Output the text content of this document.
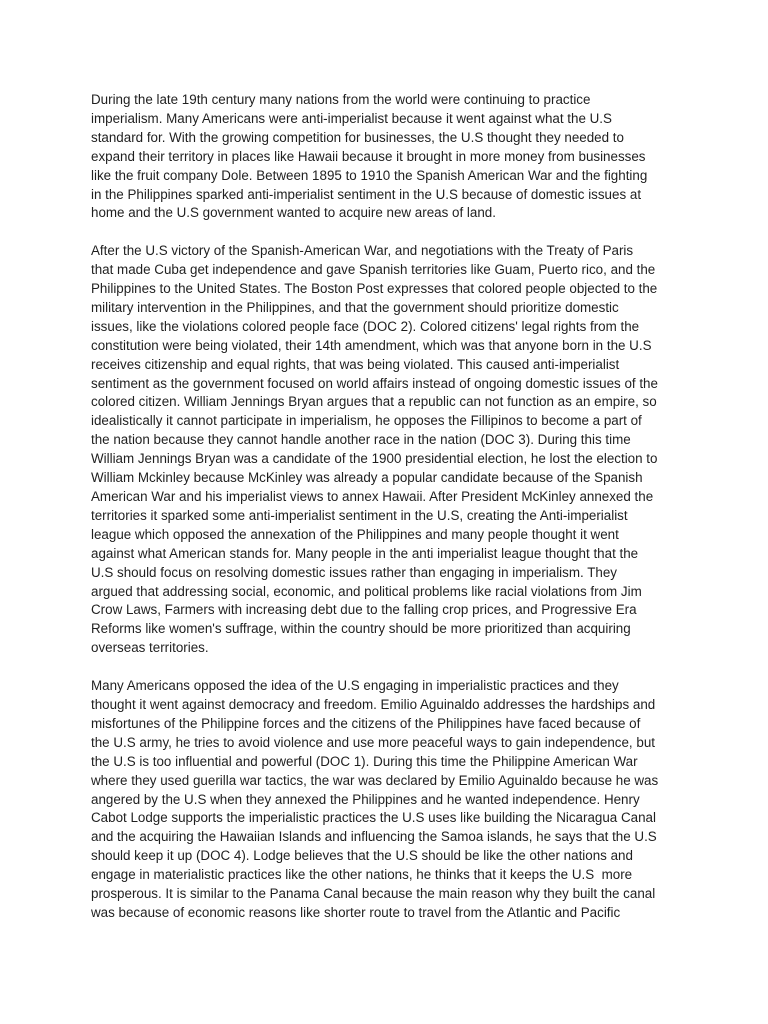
During the late 19th century many nations from the world were continuing to practice
imperialism. Many Americans were anti-imperialist because it went against what the U.S
standard for. With the growing competition for businesses, the U.S thought they needed to
expand their territory in places like Hawaii because it brought in more money from businesses
like the fruit company Dole. Between 1895 to 1910 the Spanish American War and the fighting
in the Philippines sparked anti-imperialist sentiment in the U.S because of domestic issues at
home and the U.S government wanted to acquire new areas of land.
After the U.S victory of the Spanish-American War, and negotiations with the Treaty of Paris
that made Cuba get independence and gave Spanish territories like Guam, Puerto rico, and the
Philippines to the United States. The Boston Post expresses that colored people objected to the
military intervention in the Philippines, and that the government should prioritize domestic
issues, like the violations colored people face (DOC 2). Colored citizens' legal rights from the
constitution were being violated, their 14th amendment, which was that anyone born in the U.S
receives citizenship and equal rights, that was being violated. This caused anti-imperialist
sentiment as the government focused on world affairs instead of ongoing domestic issues of the
colored citizen. William Jennings Bryan argues that a republic can not function as an empire, so
idealistically it cannot participate in imperialism, he opposes the Fillipinos to become a part of
the nation because they cannot handle another race in the nation (DOC 3). During this time
William Jennings Bryan was a candidate of the 1900 presidential election, he lost the election to
William Mckinley because McKinley was already a popular candidate because of the Spanish
American War and his imperialist views to annex Hawaii. After President McKinley annexed the
territories it sparked some anti-imperialist sentiment in the U.S, creating the Anti-imperialist
league which opposed the annexation of the Philippines and many people thought it went
against what American stands for. Many people in the anti imperialist league thought that the
U.S should focus on resolving domestic issues rather than engaging in imperialism. They
argued that addressing social, economic, and political problems like racial violations from Jim
Crow Laws, Farmers with increasing debt due to the falling crop prices, and Progressive Era
Reforms like women's suffrage, within the country should be more prioritized than acquiring
overseas territories.
Many Americans opposed the idea of the U.S engaging in imperialistic practices and they
thought it went against democracy and freedom. Emilio Aguinaldo addresses the hardships and
misfortunes of the Philippine forces and the citizens of the Philippines have faced because of
the U.S army, he tries to avoid violence and use more peaceful ways to gain independence, but
the U.S is too influential and powerful (DOC 1). During this time the Philippine American War
where they used guerilla war tactics, the war was declared by Emilio Aguinaldo because he was
angered by the U.S when they annexed the Philippines and he wanted independence. Henry
Cabot Lodge supports the imperialistic practices the U.S uses like building the Nicaragua Canal
and the acquiring the Hawaiian Islands and influencing the Samoa islands, he says that the U.S
should keep it up (DOC 4). Lodge believes that the U.S should be like the other nations and
engage in materialistic practices like the other nations, he thinks that it keeps the U.S  more
prosperous. It is similar to the Panama Canal because the main reason why they built the canal
was because of economic reasons like shorter route to travel from the Atlantic and Pacific
